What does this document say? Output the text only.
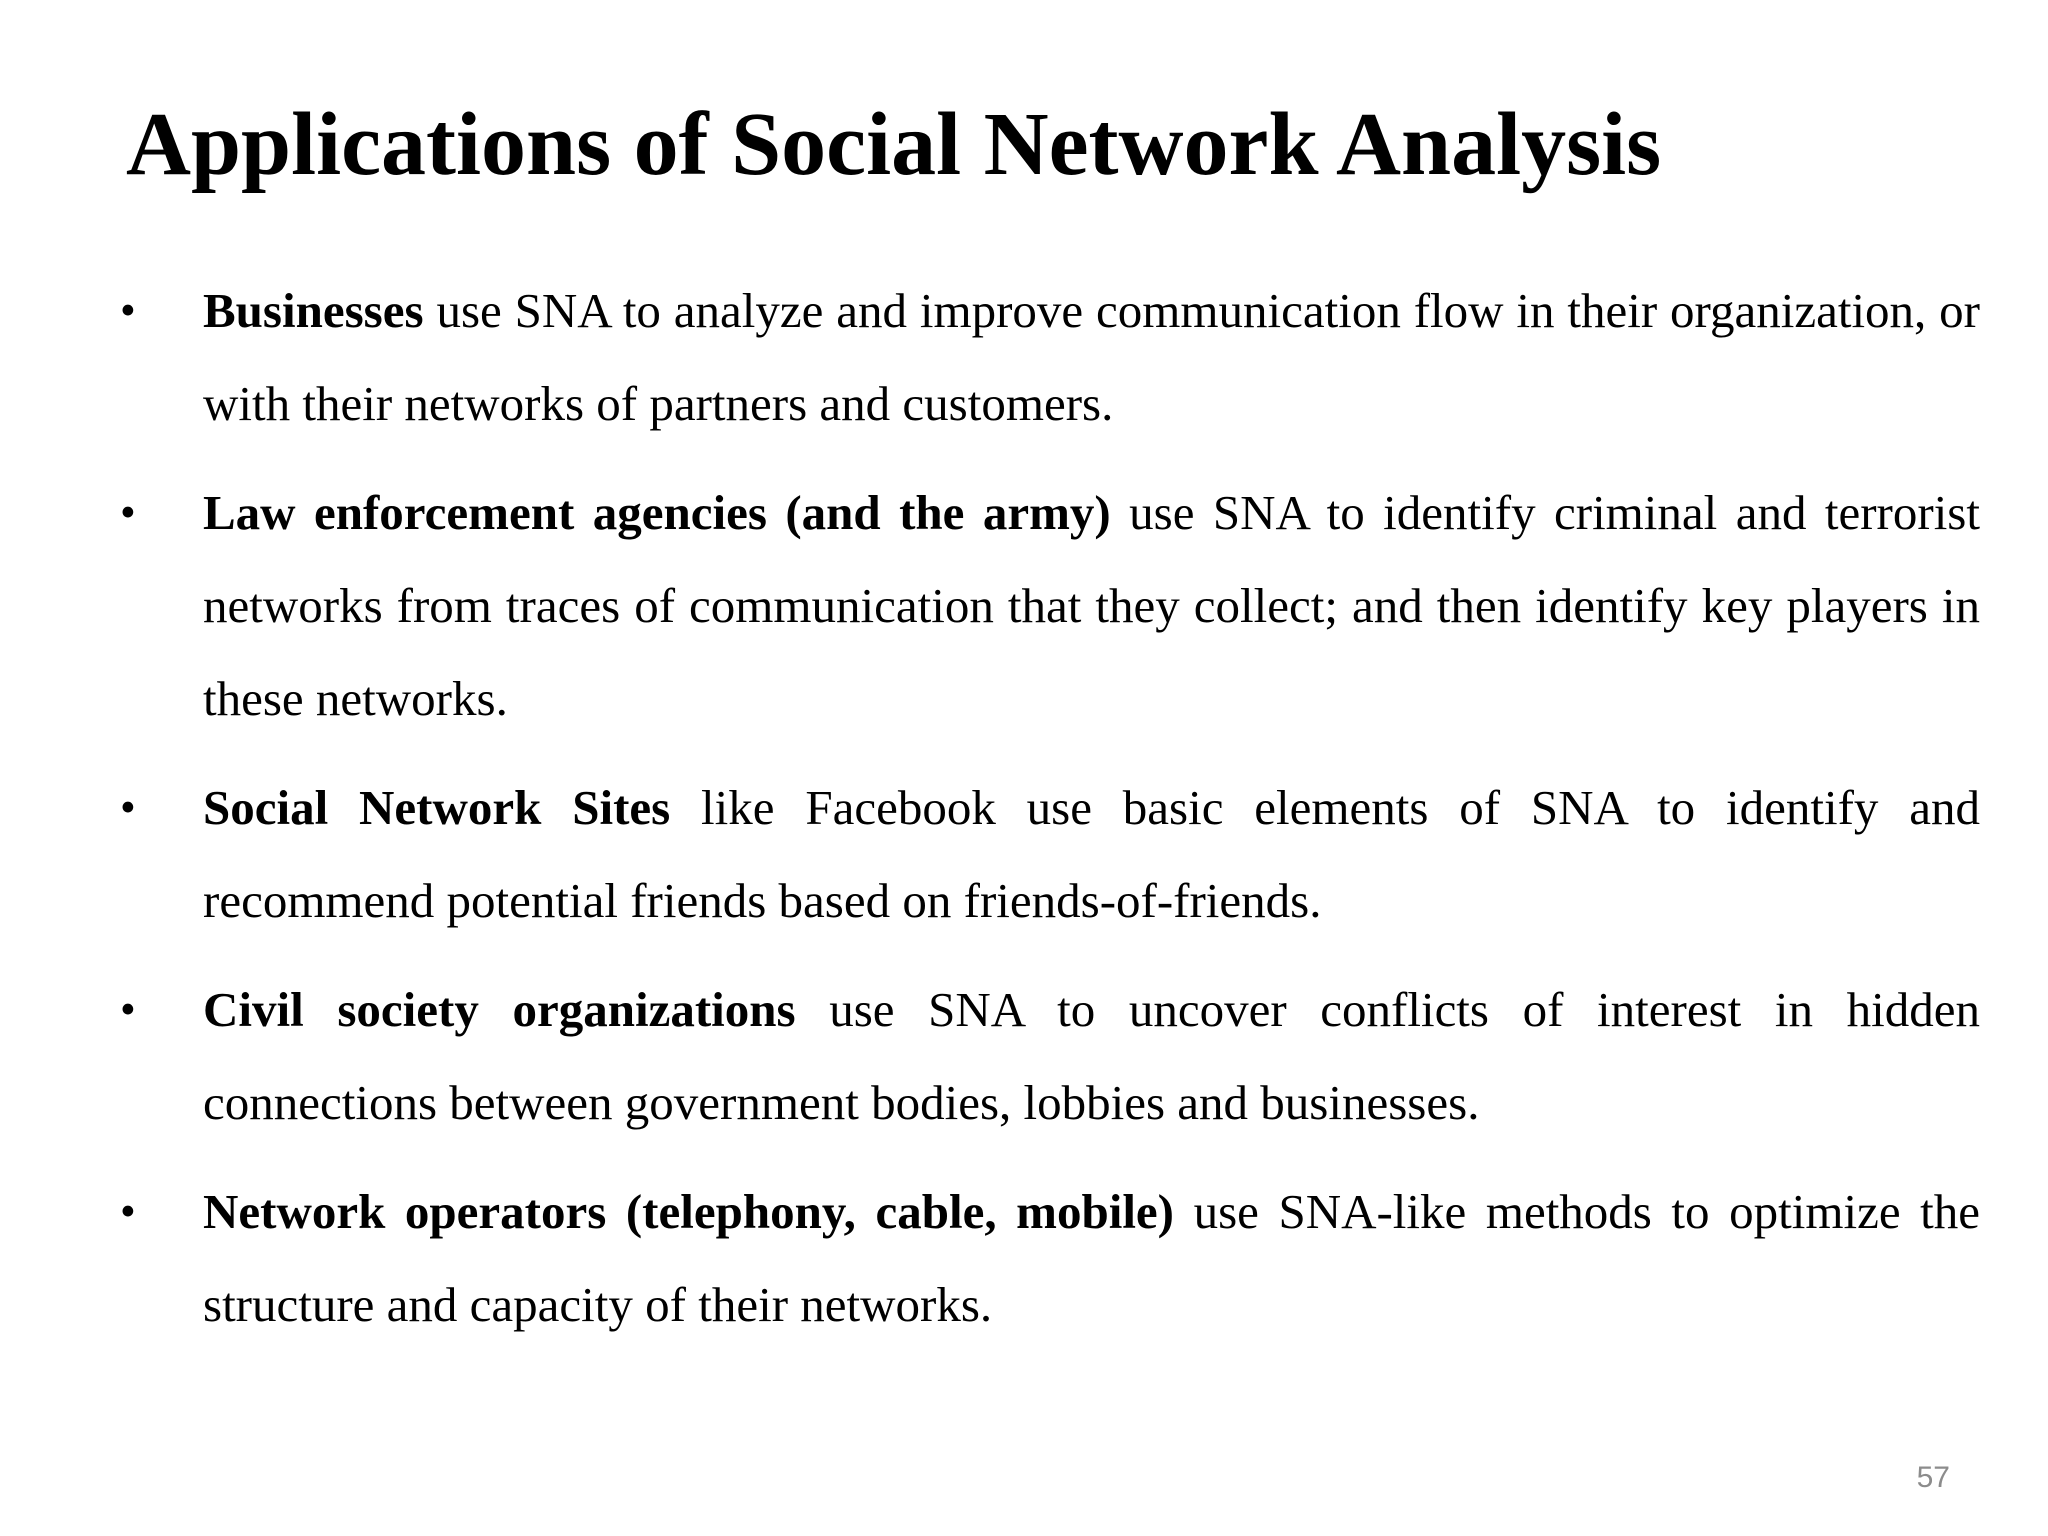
Applications of Social Network Analysis
•	Businesses use SNA to analyze and improve communication flow in their organization, or with their networks of partners and customers.
•	Law enforcement agencies (and the army) use SNA to identify criminal and terrorist networks from traces of communication that they collect; and then identify key players in these networks.
•	Social Network Sites like Facebook use basic elements of SNA to identify and recommend potential friends based on friends-of-friends.
•	Civil society organizations use SNA to uncover conflicts of interest in hidden connections between government bodies, lobbies and businesses.
•	Network operators (telephony, cable, mobile) use SNA-like methods to optimize the structure and capacity of their networks.
57
